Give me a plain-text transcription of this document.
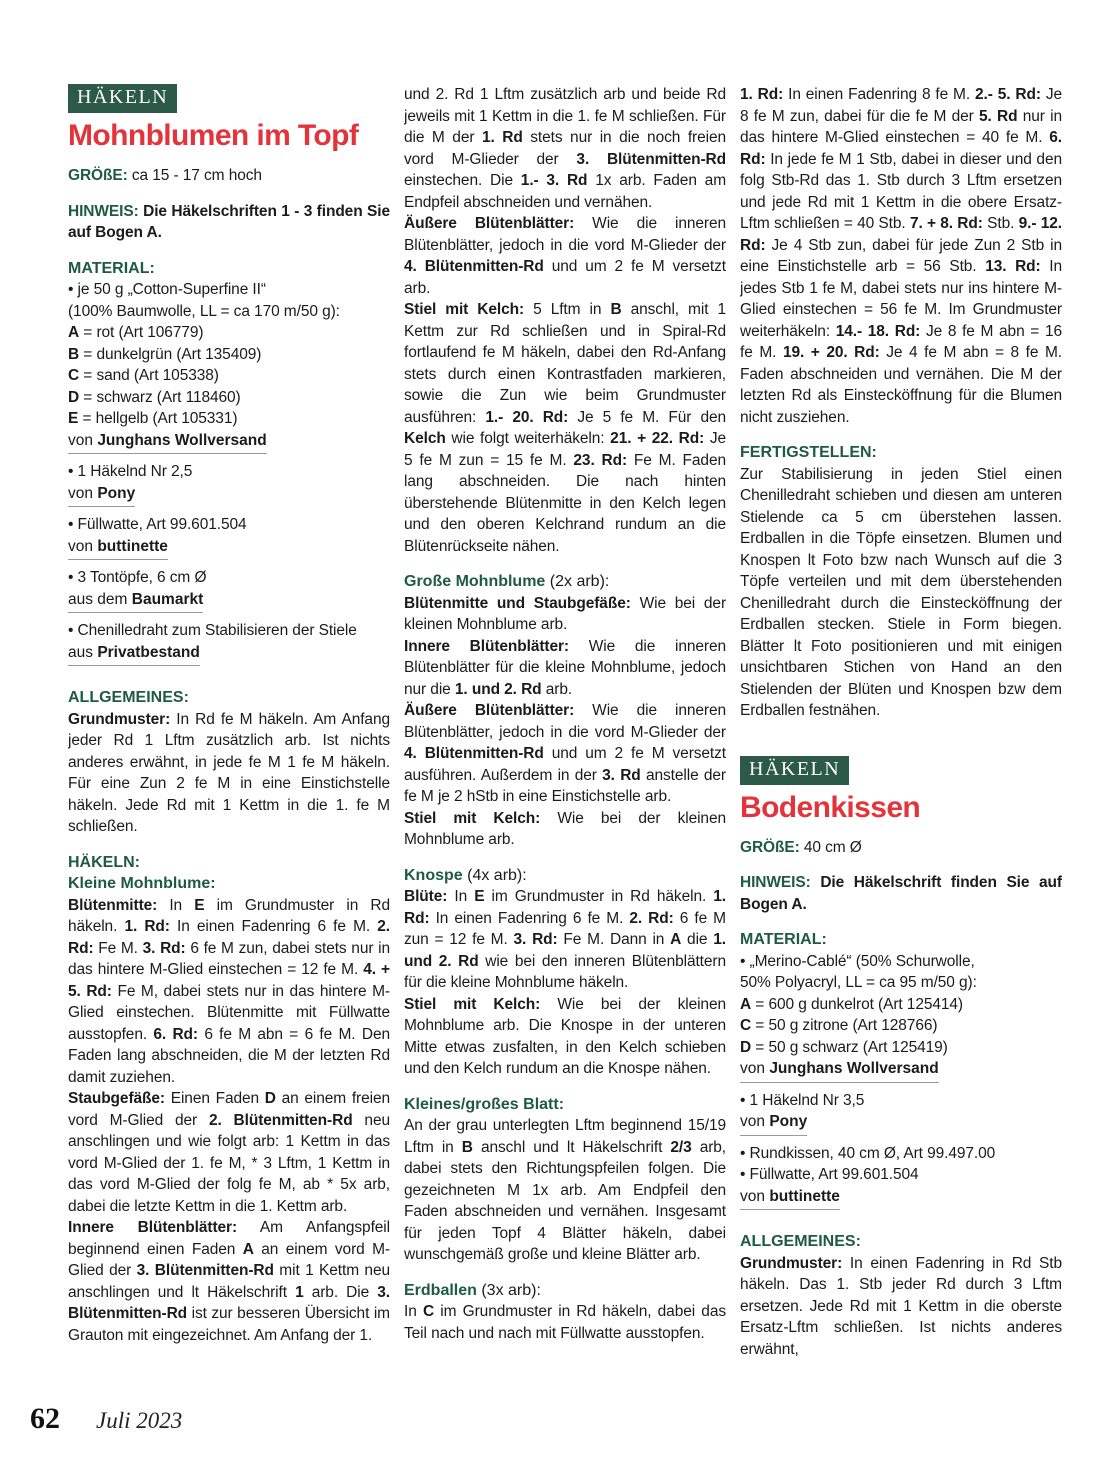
HÄKELN
Mohnblumen im Topf

GRÖßE: ca 15 - 17 cm hoch

HINWEIS: Die Häkelschriften 1 - 3 finden Sie auf Bogen A.

MATERIAL:

• je 50 g „Cotton-Superfine II“

(100% Baumwolle, LL = ca 170 m/50 g):

A = rot (Art 106779)

B = dunkelgrün (Art 135409)

C = sand (Art 105338)

D = schwarz (Art 118460)

E = hellgelb (Art 105331)

von Junghans Wollversand

• 1 Häkelnd Nr 2,5

von Pony

• Füllwatte, Art 99.601.504

von buttinette

• 3 Tontöpfe, 6 cm Ø

aus dem Baumarkt

• Chenilledraht zum Stabilisieren der Stiele

aus Privatbestand

ALLGEMEINES:

Grundmuster: In Rd fe M häkeln. Am Anfang jeder Rd 1 Lftm zusätzlich arb. Ist nichts anderes erwähnt, in jede fe M 1 fe M häkeln. Für eine Zun 2 fe M in eine Einstichstelle häkeln. Jede Rd mit 1 Kettm in die 1. fe M schließen.

HÄKELN:

Kleine Mohnblume:

Blütenmitte: In E im Grundmuster in Rd häkeln. 1. Rd: In einen Fadenring 6 fe M. 2. Rd: Fe M. 3. Rd: 6 fe M zun, dabei stets nur in das hintere M-Glied einstechen = 12 fe M. 4. + 5. Rd: Fe M, dabei stets nur in das hintere M-Glied einstechen. Blütenmitte mit Füllwatte ausstopfen. 6. Rd: 6 fe M abn = 6 fe M. Den Faden lang abschneiden, die M der letzten Rd damit zuziehen.

Staubgefäße: Einen Faden D an einem freien vord M-Glied der 2. Blütenmitten-Rd neu anschlingen und wie folgt arb: 1 Kettm in das vord M-Glied der 1. fe M, * 3 Lftm, 1 Kettm in das vord M-Glied der folg fe M, ab * 5x arb, dabei die letzte Kettm in die 1. Kettm arb.

Innere Blütenblätter: Am Anfangspfeil beginnend einen Faden A an einem vord M-Glied der 3. Blütenmitten-Rd mit 1 Kettm neu anschlingen und lt Häkelschrift 1 arb. Die 3. Blütenmitten-Rd ist zur besseren Übersicht im Grauton mit eingezeichnet. Am Anfang der 1.

und 2. Rd 1 Lftm zusätzlich arb und beide Rd jeweils mit 1 Kettm in die 1. fe M schließen. Für die M der 1. Rd stets nur in die noch freien vord M-Glieder der 3. Blütenmitten-Rd einstechen. Die 1.- 3. Rd 1x arb. Faden am Endpfeil abschneiden und vernähen.

Äußere Blütenblätter: Wie die inneren Blütenblätter, jedoch in die vord M-Glieder der 4. Blütenmitten-Rd und um 2 fe M versetzt arb.

Stiel mit Kelch: 5 Lftm in B anschl, mit 1 Kettm zur Rd schließen und in Spiral-Rd fortlaufend fe M häkeln, dabei den Rd-Anfang stets durch einen Kontrastfaden markieren, sowie die Zun wie beim Grundmuster ausführen: 1.- 20. Rd: Je 5 fe M. Für den Kelch wie folgt weiterhäkeln: 21. + 22. Rd: Je 5 fe M zun = 15 fe M. 23. Rd: Fe M. Faden lang abschneiden. Die nach hinten überstehende Blütenmitte in den Kelch legen und den oberen Kelchrand rundum an die Blütenrückseite nähen.

Große Mohnblume (2x arb):

Blütenmitte und Staubgefäße: Wie bei der kleinen Mohnblume arb.

Innere Blütenblätter: Wie die inneren Blütenblätter für die kleine Mohnblume, jedoch nur die 1. und 2. Rd arb.

Äußere Blütenblätter: Wie die inneren Blütenblätter, jedoch in die vord M-Glieder der 4. Blütenmitten-Rd und um 2 fe M versetzt ausführen. Außerdem in der 3. Rd anstelle der fe M je 2 hStb in eine Einstichstelle arb.

Stiel mit Kelch: Wie bei der kleinen Mohnblume arb.

Knospe (4x arb):

Blüte: In E im Grundmuster in Rd häkeln. 1. Rd: In einen Fadenring 6 fe M. 2. Rd: 6 fe M zun = 12 fe M. 3. Rd: Fe M. Dann in A die 1. und 2. Rd wie bei den inneren Blütenblättern für die kleine Mohnblume häkeln.

Stiel mit Kelch: Wie bei der kleinen Mohnblume arb. Die Knospe in der unteren Mitte etwas zusfalten, in den Kelch schieben und den Kelch rundum an die Knospe nähen.

Kleines/großes Blatt:

An der grau unterlegten Lftm beginnend 15/19 Lftm in B anschl und lt Häkelschrift 2/3 arb, dabei stets den Richtungspfeilen folgen. Die gezeichneten M 1x arb. Am Endpfeil den Faden abschneiden und vernähen. Insgesamt für jeden Topf 4 Blätter häkeln, dabei wunschgemäß große und kleine Blätter arb.

Erdballen (3x arb):

In C im Grundmuster in Rd häkeln, dabei das Teil nach und nach mit Füllwatte ausstopfen.

1. Rd: In einen Fadenring 8 fe M. 2.- 5. Rd: Je 8 fe M zun, dabei für die fe M der 5. Rd nur in das hintere M-Glied einstechen = 40 fe M. 6. Rd: In jede fe M 1 Stb, dabei in dieser und den folg Stb-Rd das 1. Stb durch 3 Lftm ersetzen und jede Rd mit 1 Kettm in die obere Ersatz-Lftm schließen = 40 Stb. 7. + 8. Rd: Stb. 9.- 12. Rd: Je 4 Stb zun, dabei für jede Zun 2 Stb in eine Einstichstelle arb = 56 Stb. 13. Rd: In jedes Stb 1 fe M, dabei stets nur ins hintere M-Glied einstechen = 56 fe M. Im Grundmuster weiterhäkeln: 14.- 18. Rd: Je 8 fe M abn = 16 fe M. 19. + 20. Rd: Je 4 fe M abn = 8 fe M. Faden abschneiden und vernähen. Die M der letzten Rd als Einstecköffnung für die Blumen nicht zusziehen.

FERTIGSTELLEN:

Zur Stabilisierung in jeden Stiel einen Chenilledraht schieben und diesen am unteren Stielende ca 5 cm überstehen lassen. Erdballen in die Töpfe einsetzen. Blumen und Knospen lt Foto bzw nach Wunsch auf die 3 Töpfe verteilen und mit dem überstehenden Chenilledraht durch die Einstecköffnung der Erdballen stecken. Stiele in Form biegen. Blätter lt Foto positionieren und mit einigen unsichtbaren Stichen von Hand an den Stielenden der Blüten und Knospen bzw dem Erdballen festnähen.

HÄKELN
Bodenkissen

GRÖßE: 40 cm Ø

HINWEIS: Die Häkelschrift finden Sie auf Bogen A.

MATERIAL:

• „Merino-Cablé“ (50% Schurwolle,

50% Polyacryl, LL = ca 95 m/50 g):

A = 600 g dunkelrot (Art 125414)

C = 50 g zitrone (Art 128766)

D = 50 g schwarz (Art 125419)

von Junghans Wollversand

• 1 Häkelnd Nr 3,5

von Pony

• Rundkissen, 40 cm Ø, Art 99.497.00

• Füllwatte, Art 99.601.504

von buttinette

ALLGEMEINES:

Grundmuster: In einen Fadenring in Rd Stb häkeln. Das 1. Stb jeder Rd durch 3 Lftm ersetzen. Jede Rd mit 1 Kettm in die oberste Ersatz-Lftm schließen. Ist nichts anderes erwähnt,

62 Juli 2023
